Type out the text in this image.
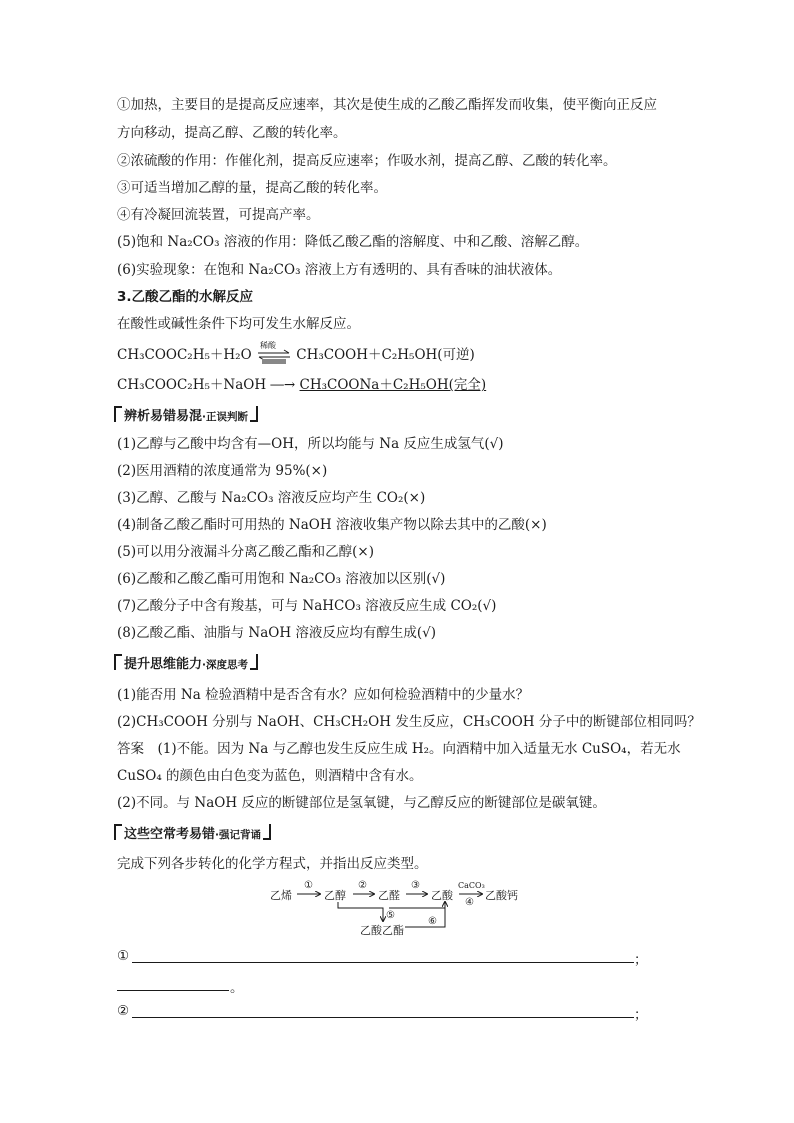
①加热，主要目的是提高反应速率，其次是使生成的乙酸乙酯挥发而收集，使平衡向正反应
方向移动，提高乙醇、乙酸的转化率。
②浓硫酸的作用：作催化剂，提高反应速率；作吸水剂，提高乙醇、乙酸的转化率。
③可适当增加乙醇的量，提高乙酸的转化率。
④有冷凝回流装置，可提高产率。
(5)饱和 Na₂CO₃ 溶液的作用：降低乙酸乙酯的溶解度、中和乙酸、溶解乙醇。
(6)实验现象：在饱和 Na₂CO₃ 溶液上方有透明的、具有香味的油状液体。
3.乙酸乙酯的水解反应
在酸性或碱性条件下均可发生水解反应。
CH₃COOC₂H₅＋H₂O
稀酸
CH₃COOH＋C₂H₅OH(可逆)
CH₃COOC₂H₅＋NaOH ―→ CH₃COONa＋C₂H₅OH(完全)
辨析易错易混·正误判断
(1)乙醇与乙酸中均含有—OH，所以均能与 Na 反应生成氢气(√)
(2)医用酒精的浓度通常为 95%(×)
(3)乙醇、乙酸与 Na₂CO₃ 溶液反应均产生 CO₂(×)
(4)制备乙酸乙酯时可用热的 NaOH 溶液收集产物以除去其中的乙酸(×)
(5)可以用分液漏斗分离乙酸乙酯和乙醇(×)
(6)乙酸和乙酸乙酯可用饱和 Na₂CO₃ 溶液加以区别(√)
(7)乙酸分子中含有羧基，可与 NaHCO₃ 溶液反应生成 CO₂(√)
(8)乙酸乙酯、油脂与 NaOH 溶液反应均有醇生成(√)
提升思维能力·深度思考
(1)能否用 Na 检验酒精中是否含有水？应如何检验酒精中的少量水？
(2)CH₃COOH 分别与 NaOH、CH₃CH₂OH 发生反应，CH₃COOH 分子中的断键部位相同吗？
答案　(1)不能。因为 Na 与乙醇也发生反应生成 H₂。向酒精中加入适量无水 CuSO₄，若无水
CuSO₄ 的颜色由白色变为蓝色，则酒精中含有水。
(2)不同。与 NaOH 反应的断键部位是氢氧键，与乙醇反应的断键部位是碳氧键。
这些空常考易错·强记背诵
完成下列各步转化的化学方程式，并指出反应类型。
乙烯	乙醇	乙醛	乙酸	乙酸钙
乙酸乙酯
①	②	③	CaCO₃
④
⑤
⑥
①	；
。
②	；
